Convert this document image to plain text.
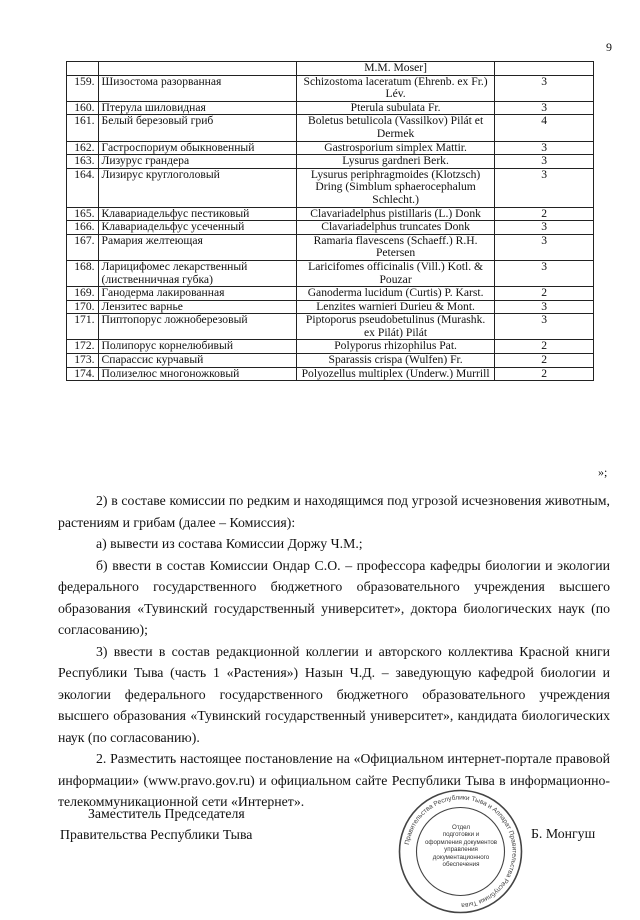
9
		M.M. Moser]	
159.	Шизостома разорванная	Schizostoma laceratum (Ehrenb. ex Fr.) Lév.	3
160.	Птерула шиловидная	Pterula subulata Fr.	3
161.	Белый березовый гриб	Boletus betulicola (Vassilkov) Pilát et Dermek	4
162.	Гастроспориум обыкновенный	Gastrosporium simplex Mattir.	3
163.	Лизурус грандера	Lysurus gardneri Berk.	3
164.	Лизирус круглоголовый	Lysurus periphragmoides (Klotzsch) Dring (Simblum sphaerocephalum Schlecht.)	3
165.	Клавариадельфус пестиковый	Clavariadelphus pistillaris (L.) Donk	2
166.	Клавариадельфус усеченный	Clavariadelphus truncates Donk	3
167.	Рамария желтеющая	Ramaria flavescens (Schaeff.) R.H. Petersen	3
168.	Ларицифомес лекарственный (лиственничная губка)	Laricifomes officinalis (Vill.) Kotl. & Pouzar	3
169.	Ганодерма лакированная	Ganoderma lucidum (Curtis) P. Karst.	2
170.	Лензитес варнье	Lenzites warnieri Durieu & Mont.	3
171.	Пиптопорус ложноберезовый	Piptoporus pseudobetulinus (Murashk. ex Pilát) Pilát	3
172.	Полипорус корнелюбивый	Polyporus rhizophilus Pat.	2
173.	Спарассис курчавый	Sparassis crispa (Wulfen) Fr.	2
174.	Полизелюс многоножковый	Polyozellus multiplex (Underw.) Murrill	2
»;

2) в составе комиссии по редким и находящимся под угрозой исчезновения животным, растениям и грибам (далее – Комиссия):

а) вывести из состава Комиссии Доржу Ч.М.;

б) ввести в состав Комиссии Ондар С.О. – профессора кафедры биологии и экологии федерального государственного бюджетного образовательного учреждения высшего образования «Тувинский государственный университет», доктора биологических наук (по согласованию);

3) ввести в состав редакционной коллегии и авторского коллектива Красной книги Республики Тыва (часть 1 «Растения») Назын Ч.Д. – заведующую кафедрой биологии и экологии федерального государственного бюджетного образовательного учреждения высшего образования «Тувинский государственный университет», кандидата биологических наук (по согласованию).

2. Разместить настоящее постановление на «Официальном интернет-портале правовой информации» (www.pravo.gov.ru) и официальном сайте Республики Тыва в информационно-телекоммуникационной сети «Интернет».

Заместитель Председателя
Правительства Республики Тыва
Правительства Республики Тыва и Аппарат Правительства Республики Тыва
Отдел
подготовки и
оформления документов
управления
документационного
обеспечения
Б. Монгуш
